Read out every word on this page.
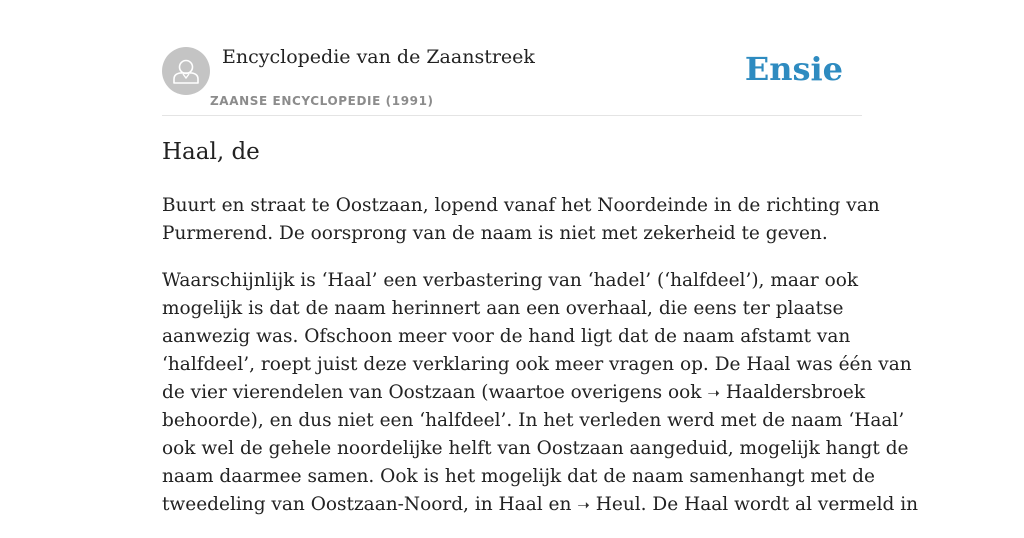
Encyclopedie van de Zaanstreek
ZAANSE ENCYCLOPEDIE (1991)
Ensie
Haal, de

Buurt en straat te Oostzaan, lopend vanaf het Noordeinde in de richting van
Purmerend. De oorsprong van de naam is niet met zekerheid te geven.

Waarschijnlijk is ‘Haal’ een verbastering van ‘hadel’ (‘halfdeel’), maar ook
mogelijk is dat de naam herinnert aan een overhaal, die eens ter plaatse
aanwezig was. Ofschoon meer voor de hand ligt dat de naam afstamt van
‘halfdeel’, roept juist deze verklaring ook meer vragen op. De Haal was één van
de vier vierendelen van Oostzaan (waartoe overigens ook ➝ Haaldersbroek
behoorde), en dus niet een ‘halfdeel’. In het verleden werd met de naam ‘Haal’
ook wel de gehele noordelijke helft van Oostzaan aangeduid, mogelijk hangt de
naam daarmee samen. Ook is het mogelijk dat de naam samenhangt met de
tweedeling van Oostzaan-Noord, in Haal en ➝ Heul. De Haal wordt al vermeld in
